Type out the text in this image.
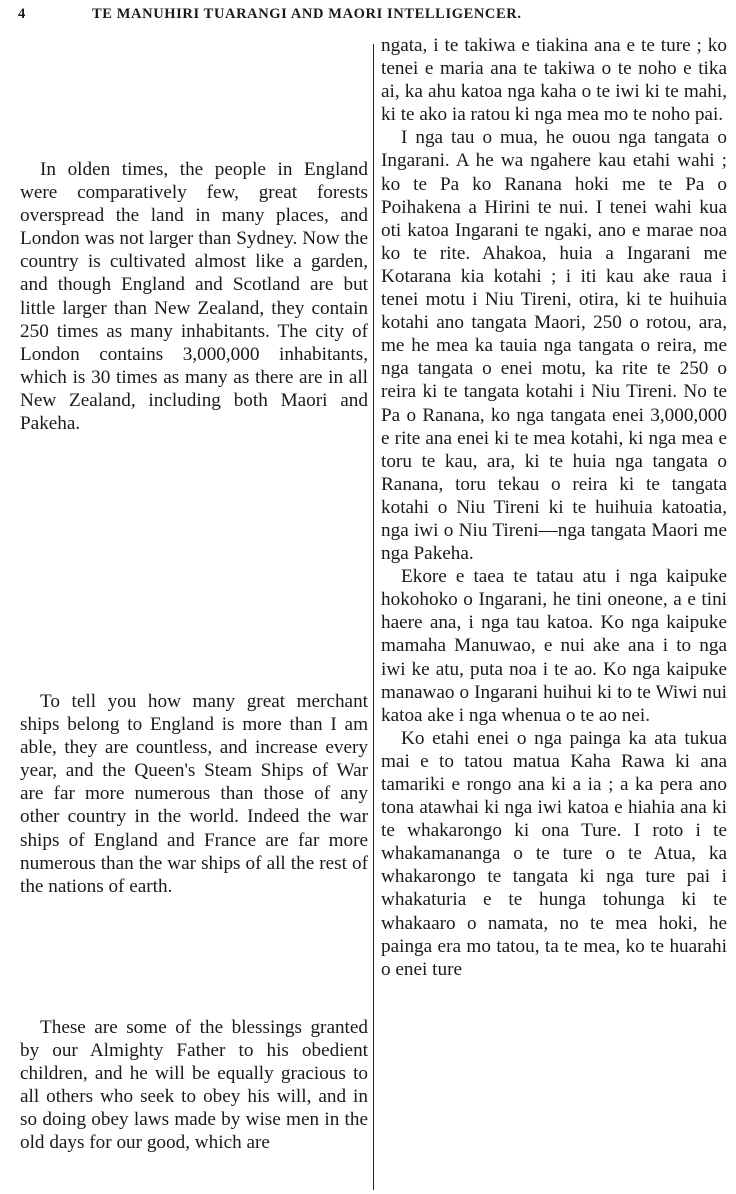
4	TE MANUHIRI TUARANGI AND MAORI INTELLIGENCER.

In olden times, the people in England were comparatively few, great forests overspread the land in many places, and London was not larger than Sydney. Now the country is cultivated almost like a garden, and though England and Scotland are but little larger than New Zealand, they contain 250 times as many inhabitants. The city of London contains 3,000,000 inhabitants, which is 30 times as many as there are in all New Zealand, including both Maori and Pakeha.

To tell you how many great merchant ships belong to England is more than I am able, they are countless, and increase every year, and the Queen's Steam Ships of War are far more numerous than those of any other country in the world. Indeed the war ships of England and France are far more numerous than the war ships of all the rest of the nations of earth.

These are some of the blessings granted by our Almighty Father to his obedient children, and he will be equally gracious to all others who seek to obey his will, and in so doing obey laws made by wise men in the old days for our good, which are

ngata, i te takiwa e tiakina ana e te ture ; ko tenei e maria ana te takiwa o te noho e tika ai, ka ahu katoa nga kaha o te iwi ki te mahi, ki te ako ia ratou ki nga mea mo te noho pai.

I nga tau o mua, he ouou nga tangata o Ingarani. A he wa ngahere kau etahi wahi ; ko te Pa ko Ranana hoki me te Pa o Poihakena a Hirini te nui. I tenei wahi kua oti katoa Ingarani te ngaki, ano e marae noa ko te rite. Ahakoa, huia a Ingarani me Kotarana kia kotahi ; i iti kau ake raua i tenei motu i Niu Tireni, otira, ki te huihuia kotahi ano tangata Maori, 250 o rotou, ara, me he mea ka tauia nga tangata o reira, me nga tangata o enei motu, ka rite te 250 o reira ki te tangata kotahi i Niu Tireni. No te Pa o Ranana, ko nga tangata enei 3,000,000 e rite ana enei ki te mea kotahi, ki nga mea e toru te kau, ara, ki te huia nga tangata o Ranana, toru tekau o reira ki te tangata kotahi o Niu Tireni ki te huihuia katoatia, nga iwi o Niu Tireni—nga tangata Maori me nga Pakeha.

Ekore e taea te tatau atu i nga kaipuke hokohoko o Ingarani, he tini oneone, a e tini haere ana, i nga tau katoa. Ko nga kaipuke mamaha Manuwao, e nui ake ana i to nga iwi ke atu, puta noa i te ao. Ko nga kaipuke manawao o Ingarani huihui ki to te Wiwi nui katoa ake i nga whenua o te ao nei.

Ko etahi enei o nga painga ka ata tukua mai e to tatou matua Kaha Rawa ki ana tamariki e rongo ana ki a ia ; a ka pera ano tona atawhai ki nga iwi katoa e hiahia ana ki te whakarongo ki ona Ture. I roto i te whakamananga o te ture o te Atua, ka whakarongo te tangata ki nga ture pai i whakaturia e te hunga tohunga ki te whakaaro o namata, no te mea hoki, he painga era mo tatou, ta te mea, ko te huarahi o enei ture
